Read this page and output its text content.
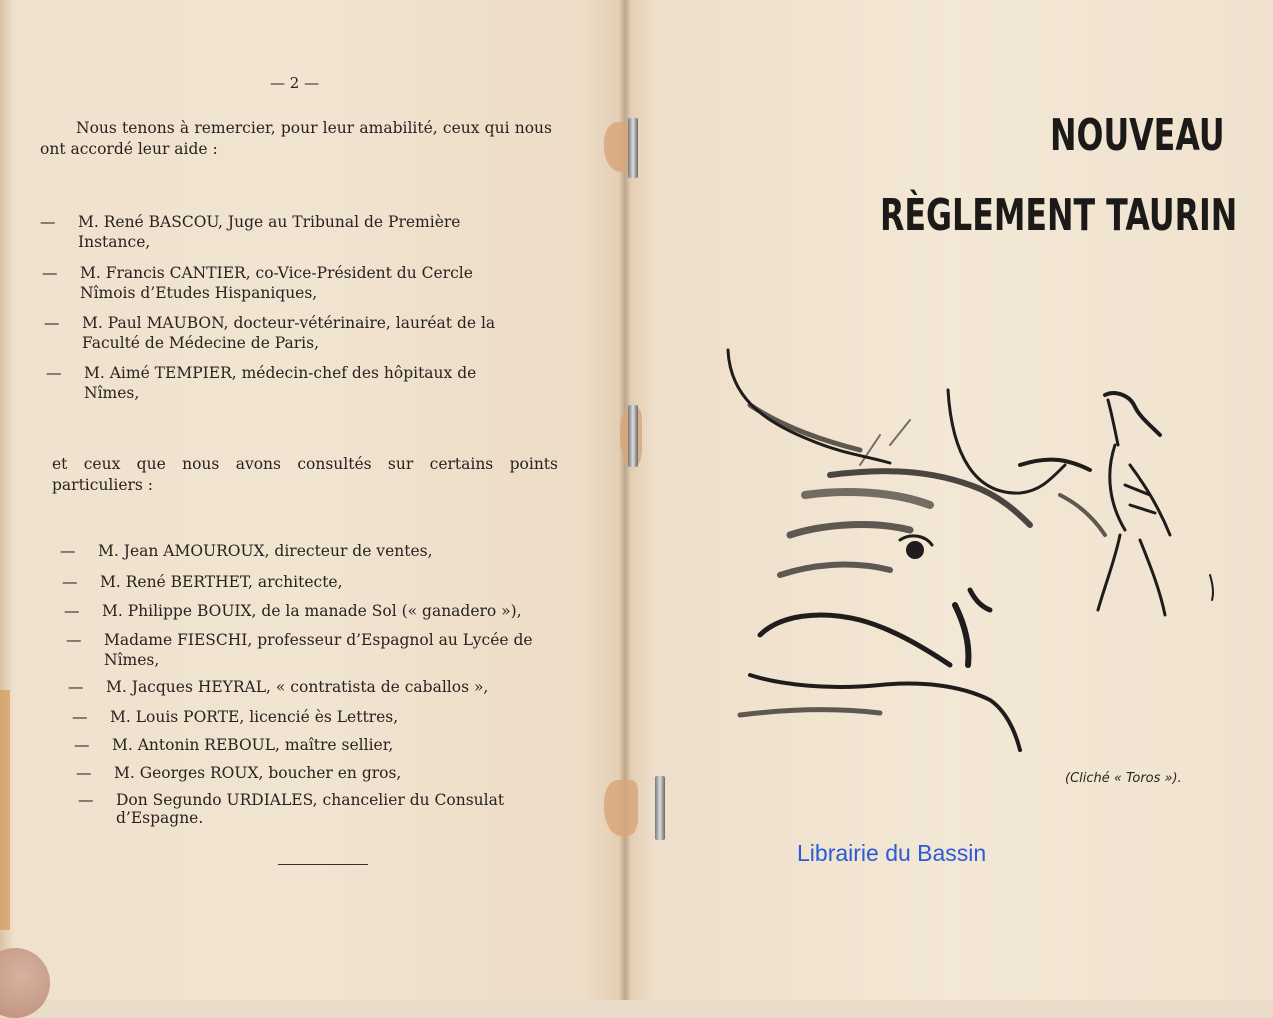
— 2 —

Nous tenons à remercier, pour leur amabilité, ceux qui nous ont accordé leur aide :

— M. René BASCOU, Juge au Tribunal de Première
Instance,
— M. Francis CANTIER, co-Vice-Président du Cercle
Nîmois d’Etudes Hispaniques,
— M. Paul MAUBON, docteur-vétérinaire, lauréat de la
Faculté de Médecine de Paris,
— M. Aimé TEMPIER, médecin-chef des hôpitaux de
Nîmes,

et ceux que nous avons consultés sur certains points particuliers :

— M. Jean AMOUROUX, directeur de ventes,
— M. René BERTHET, architecte,
— M. Philippe BOUIX, de la manade Sol (« ganadero »),
— Madame FIESCHI, professeur d’Espagnol au Lycée de
Nîmes,
— M. Jacques HEYRAL, « contratista de caballos »,
— M. Louis PORTE, licencié ès Lettres,
— M. Antonin REBOUL, maître sellier,
— M. Georges ROUX, boucher en gros,
— Don Segundo URDIALES, chancelier du Consulat
d’Espagne.
NOUVEAU
RÈGLEMENT TAURIN
(Cliché « Toros »).
Librairie du Bassin
